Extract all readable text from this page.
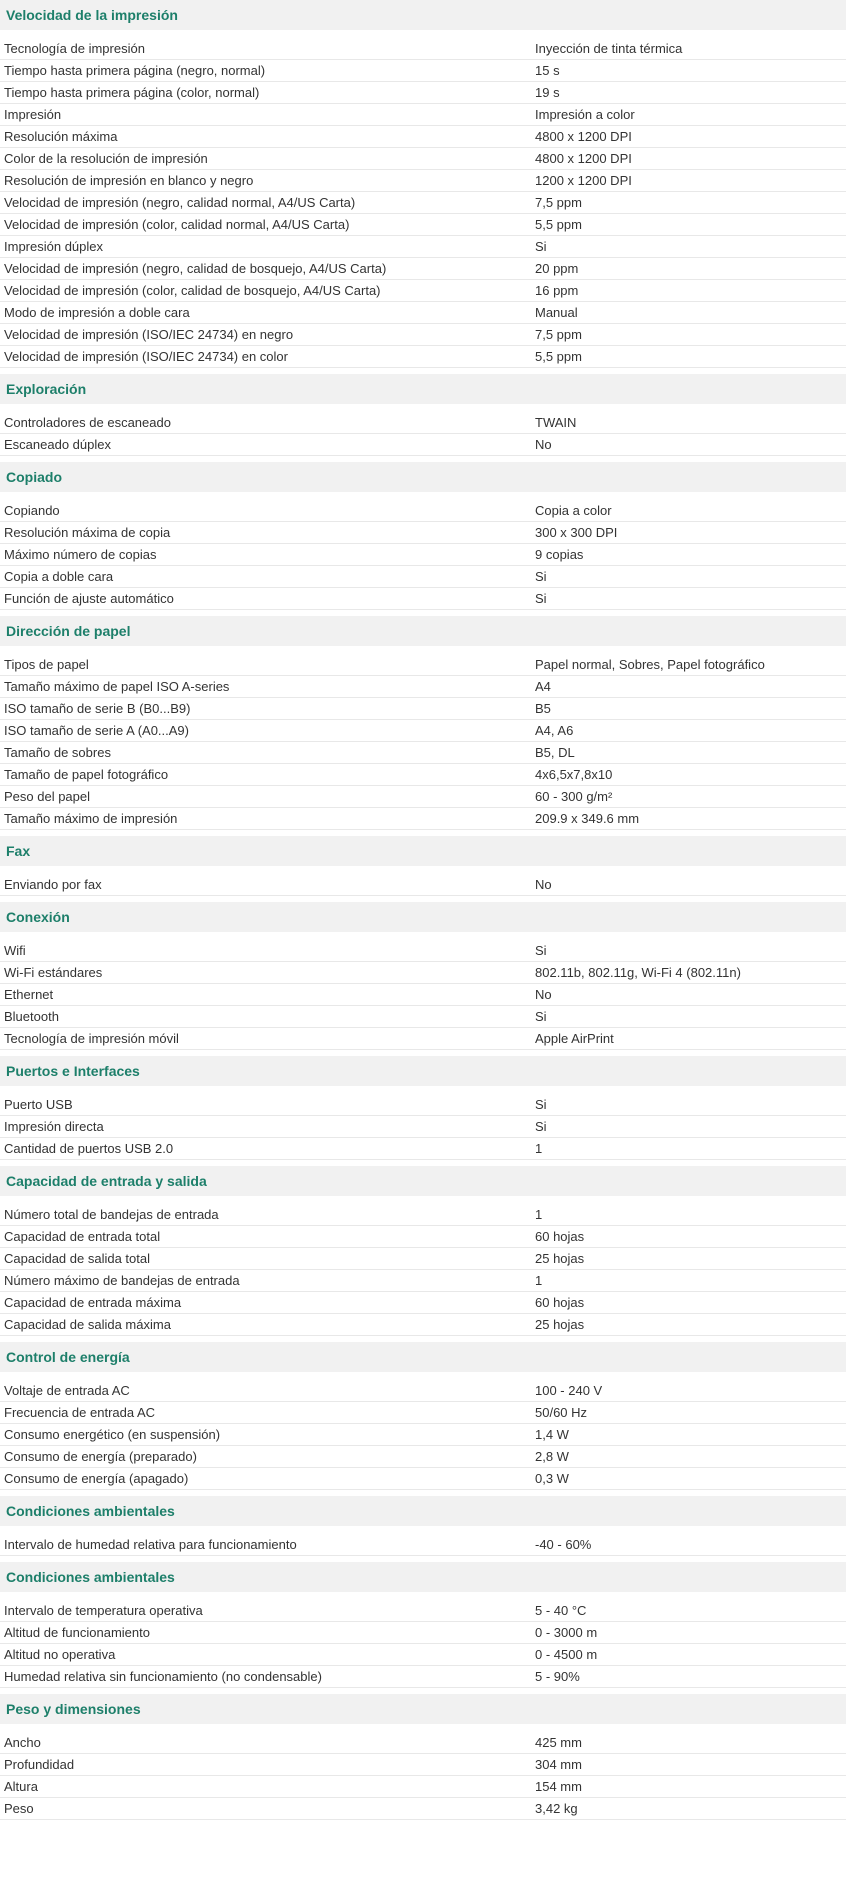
Velocidad de la impresión
Tecnología de impresión	Inyección de tinta térmica
Tiempo hasta primera página (negro, normal)	15 s
Tiempo hasta primera página (color, normal)	19 s
Impresión	Impresión a color
Resolución máxima	4800 x 1200 DPI
Color de la resolución de impresión	4800 x 1200 DPI
Resolución de impresión en blanco y negro	1200 x 1200 DPI
Velocidad de impresión (negro, calidad normal, A4/US Carta)	7,5 ppm
Velocidad de impresión (color, calidad normal, A4/US Carta)	5,5 ppm
Impresión dúplex	Si
Velocidad de impresión (negro, calidad de bosquejo, A4/US Carta)	20 ppm
Velocidad de impresión (color, calidad de bosquejo, A4/US Carta)	16 ppm
Modo de impresión a doble cara	Manual
Velocidad de impresión (ISO/IEC 24734) en negro	7,5 ppm
Velocidad de impresión (ISO/IEC 24734) en color	5,5 ppm
Exploración
Controladores de escaneado	TWAIN
Escaneado dúplex	No
Copiado
Copiando	Copia a color
Resolución máxima de copia	300 x 300 DPI
Máximo número de copias	9 copias
Copia a doble cara	Si
Función de ajuste automático	Si
Dirección de papel
Tipos de papel	Papel normal, Sobres, Papel fotográfico
Tamaño máximo de papel ISO A-series	A4
ISO tamaño de serie B (B0...B9)	B5
ISO tamaño de serie A (A0...A9)	A4, A6
Tamaño de sobres	B5, DL
Tamaño de papel fotográfico	4x6,5x7,8x10
Peso del papel	60 - 300 g/m²
Tamaño máximo de impresión	209.9 x 349.6 mm
Fax
Enviando por fax	No
Conexión
Wifi	Si
Wi-Fi estándares	802.11b, 802.11g, Wi-Fi 4 (802.11n)
Ethernet	No
Bluetooth	Si
Tecnología de impresión móvil	Apple AirPrint
Puertos e Interfaces
Puerto USB	Si
Impresión directa	Si
Cantidad de puertos USB 2.0	1
Capacidad de entrada y salida
Número total de bandejas de entrada	1
Capacidad de entrada total	60 hojas
Capacidad de salida total	25 hojas
Número máximo de bandejas de entrada	1
Capacidad de entrada máxima	60 hojas
Capacidad de salida máxima	25 hojas
Control de energía
Voltaje de entrada AC	100 - 240 V
Frecuencia de entrada AC	50/60 Hz
Consumo energético (en suspensión)	1,4 W
Consumo de energía (preparado)	2,8 W
Consumo de energía (apagado)	0,3 W
Condiciones ambientales
Intervalo de humedad relativa para funcionamiento	-40 - 60%
Condiciones ambientales
Intervalo de temperatura operativa	5 - 40 °C
Altitud de funcionamiento	0 - 3000 m
Altitud no operativa	0 - 4500 m
Humedad relativa sin funcionamiento (no condensable)	5 - 90%
Peso y dimensiones
Ancho	425 mm
Profundidad	304 mm
Altura	154 mm
Peso	3,42 kg
